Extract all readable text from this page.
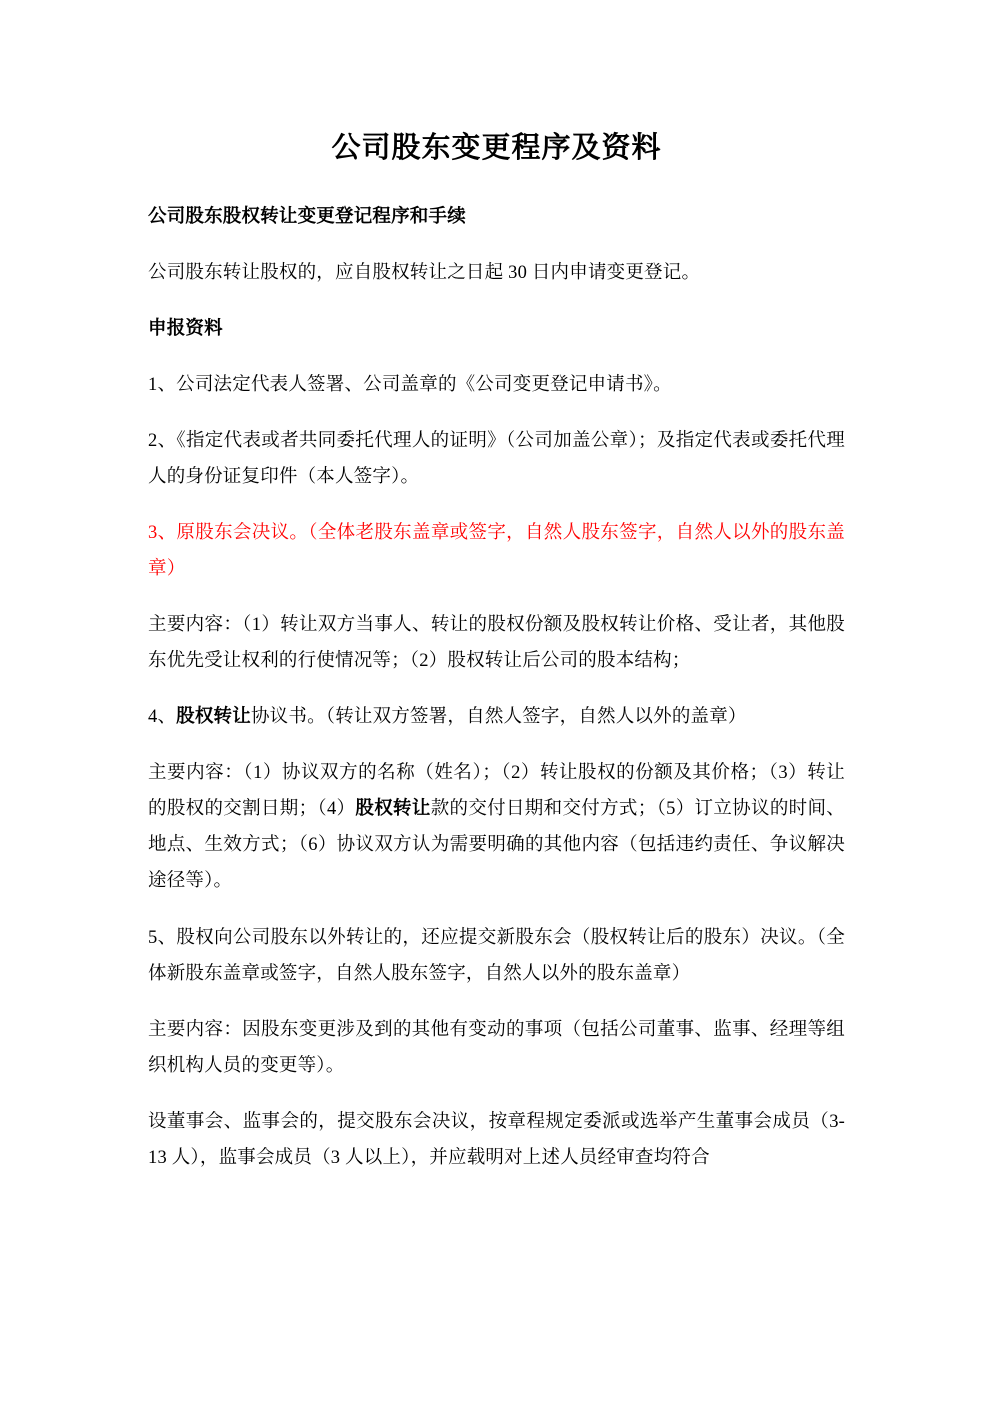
公司股东变更程序及资料

公司股东股权转让变更登记程序和手续

公司股东转让股权的，应自股权转让之日起 30 日内申请变更登记。

申报资料

1、公司法定代表人签署、公司盖章的《公司变更登记申请书》。

2、《指定代表或者共同委托代理人的证明》（公司加盖公章）；及指定代表或委托代理人的身份证复印件（本人签字）。

3、原股东会决议。（全体老股东盖章或签字，自然人股东签字，自然人以外的股东盖章）

主要内容：（1）转让双方当事人、转让的股权份额及股权转让价格、受让者，其他股东优先受让权利的行使情况等；（2）股权转让后公司的股本结构；

4、股权转让协议书。（转让双方签署，自然人签字，自然人以外的盖章）

主要内容：（1）协议双方的名称（姓名）；（2）转让股权的份额及其价格；（3）转让的股权的交割日期；（4）股权转让款的交付日期和交付方式；（5）订立协议的时间、地点、生效方式；（6）协议双方认为需要明确的其他内容（包括违约责任、争议解决途径等）。

5、股权向公司股东以外转让的，还应提交新股东会（股权转让后的股东）决议。（全体新股东盖章或签字，自然人股东签字，自然人以外的股东盖章）

主要内容：因股东变更涉及到的其他有变动的事项（包括公司董事、监事、经理等组织机构人员的变更等）。

设董事会、监事会的，提交股东会决议，按章程规定委派或选举产生董事会成员（3-13 人），监事会成员（3 人以上），并应载明对上述人员经审查均符合
